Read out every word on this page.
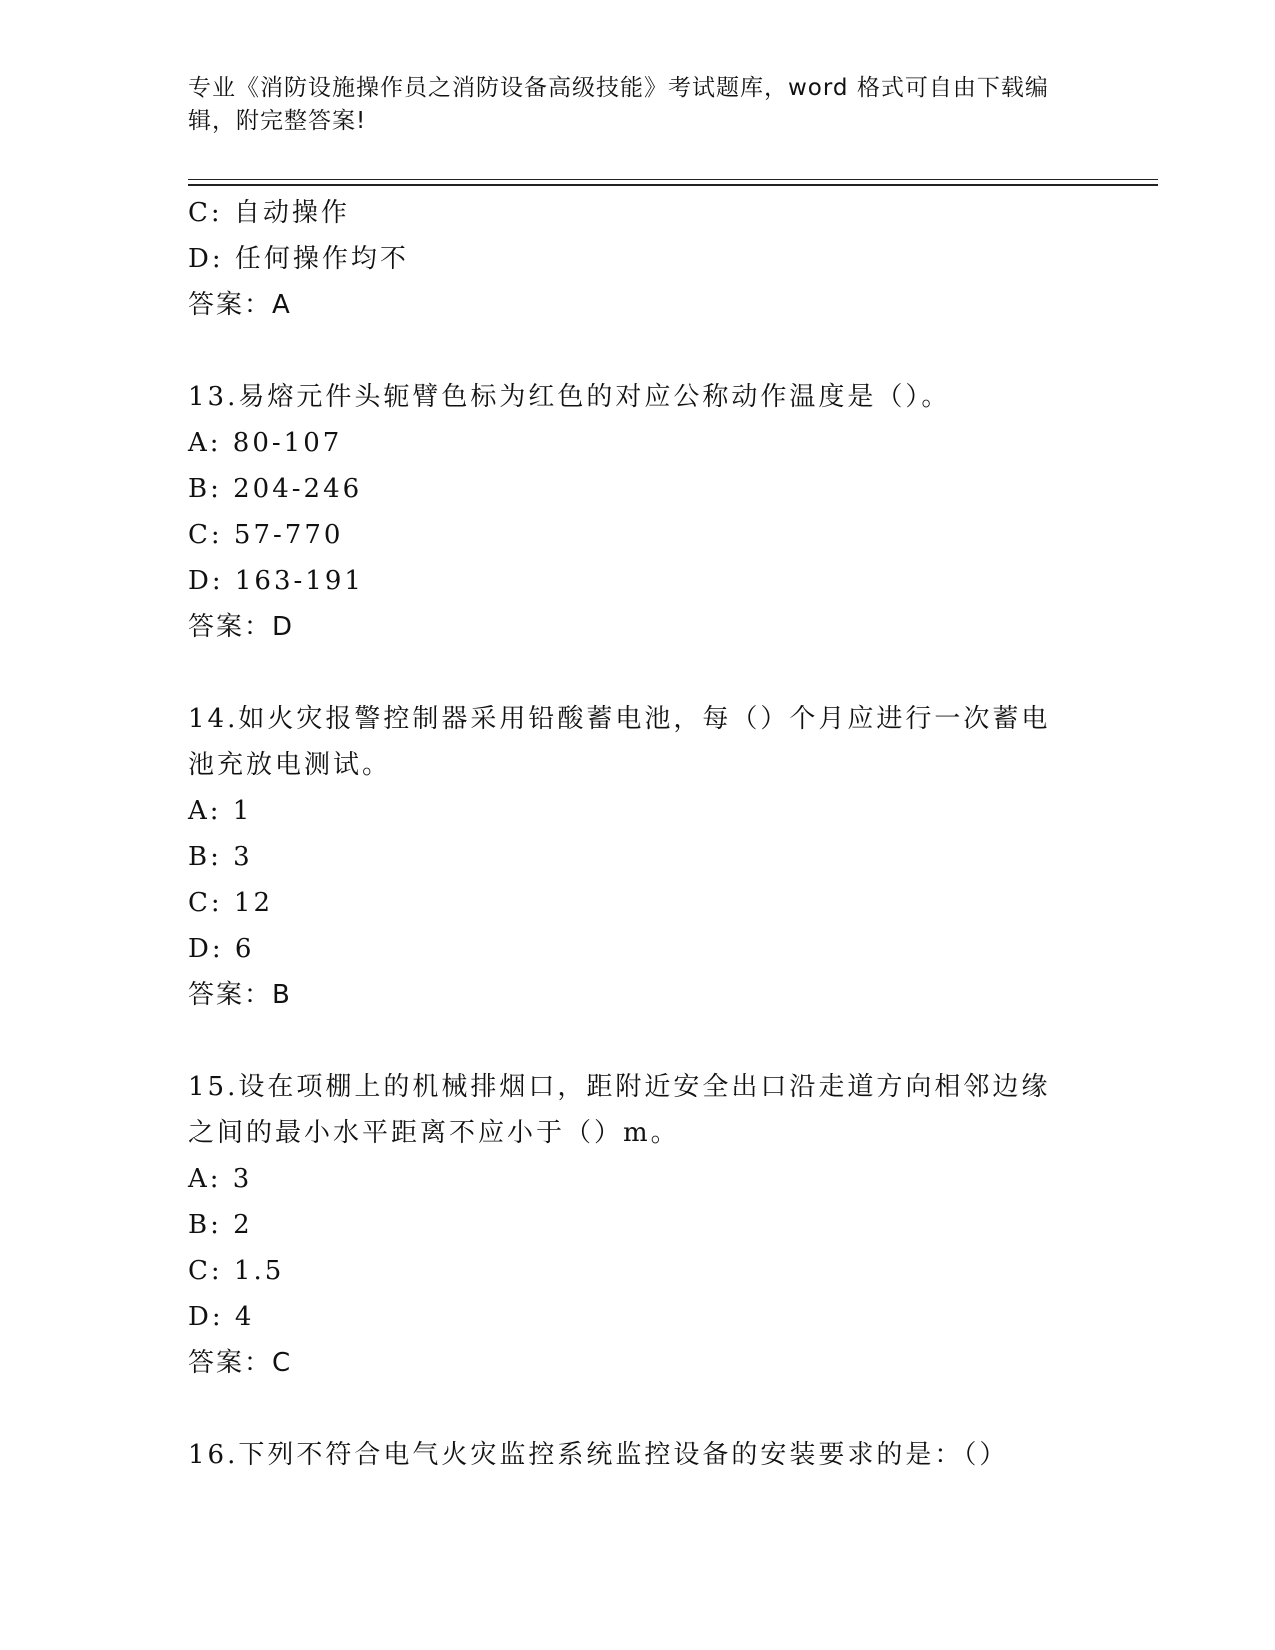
专业《消防设施操作员之消防设备高级技能》考试题库，word 格式可自由下载编
辑，附完整答案!
C: 自动操作
D: 任何操作均不
答案：A
13.易熔元件头轭臂色标为红色的对应公称动作温度是（）。
A: 80-107
B: 204-246
C: 57-770
D: 163-191
答案：D
14.如火灾报警控制器采用铅酸蓄电池，每（）个月应进行一次蓄电池充放电测试。
A: 1
B: 3
C: 12
D: 6
答案：B
15.设在项棚上的机械排烟口，距附近安全出口沿走道方向相邻边缘之间的最小水平距离不应小于（）m。
A: 3
B: 2
C: 1.5
D: 4
答案：C
16.下列不符合电气火灾监控系统监控设备的安装要求的是：（）
